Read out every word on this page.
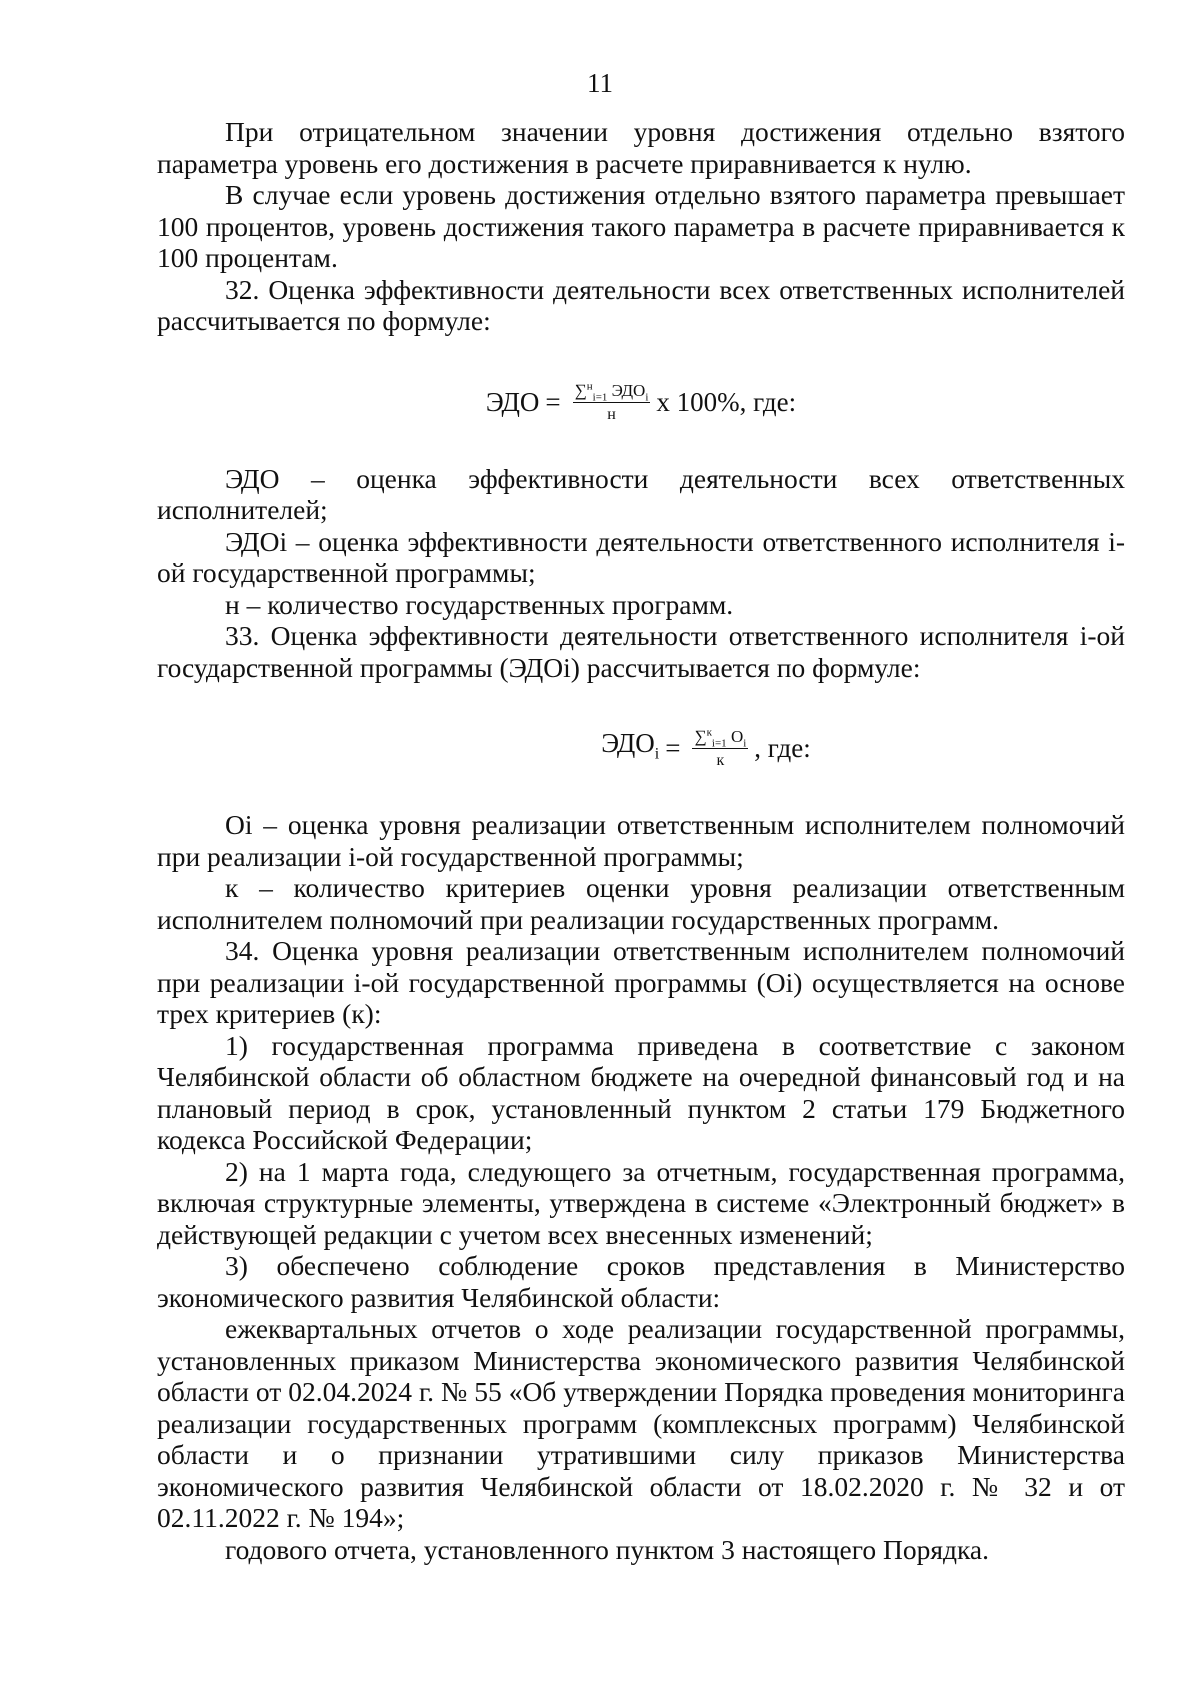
11

При отрицательном значении уровня достижения отдельно взятого параметра уровень его достижения в расчете приравнивается к нулю.

В случае если уровень достижения отдельно взятого параметра превышает 100 процентов, уровень достижения такого параметра в расчете приравнивается к 100 процентам.

32. Оценка эффективности деятельности всех ответственных исполнителей рассчитывается по формуле:

ЭДО = $\frac{\sum^н_{i=1} ЭДО_i}{н}$ х 100%, где:

ЭДО – оценка эффективности деятельности всех ответственных исполнителей;

ЭДОi – оценка эффективности деятельности ответственного исполнителя i-ой государственной программы;

н – количество государственных программ.

33. Оценка эффективности деятельности ответственного исполнителя i-ой государственной программы (ЭДОi) рассчитывается по формуле:

$ЭДО_i = \frac{\sum^к_{i=1} О_i}{к}$ , где:

Оi – оценка уровня реализации ответственным исполнителем полномочий при реализации i-ой государственной программы;

к – количество критериев оценки уровня реализации ответственным исполнителем полномочий при реализации государственных программ.

34. Оценка уровня реализации ответственным исполнителем полномочий при реализации i-ой государственной программы (Оi) осуществляется на основе трех критериев (к):

1) государственная программа приведена в соответствие с законом Челябинской области об областном бюджете на очередной финансовый год и на плановый период в срок, установленный пунктом 2 статьи 179 Бюджетного кодекса Российской Федерации;

2) на 1 марта года, следующего за отчетным, государственная программа, включая структурные элементы, утверждена в системе «Электронный бюджет» в действующей редакции с учетом всех внесенных изменений;

3) обеспечено соблюдение сроков представления в Министерство экономического развития Челябинской области:

ежеквартальных отчетов о ходе реализации государственной программы, установленных приказом Министерства экономического развития Челябинской области от 02.04.2024 г. № 55 «Об утверждении Порядка проведения мониторинга реализации государственных программ (комплексных программ) Челябинской области и о признании утратившими силу приказов Министерства экономического развития Челябинской области от 18.02.2020 г. № 32 и от 02.11.2022 г. № 194»;

годового отчета, установленного пунктом 3 настоящего Порядка.
